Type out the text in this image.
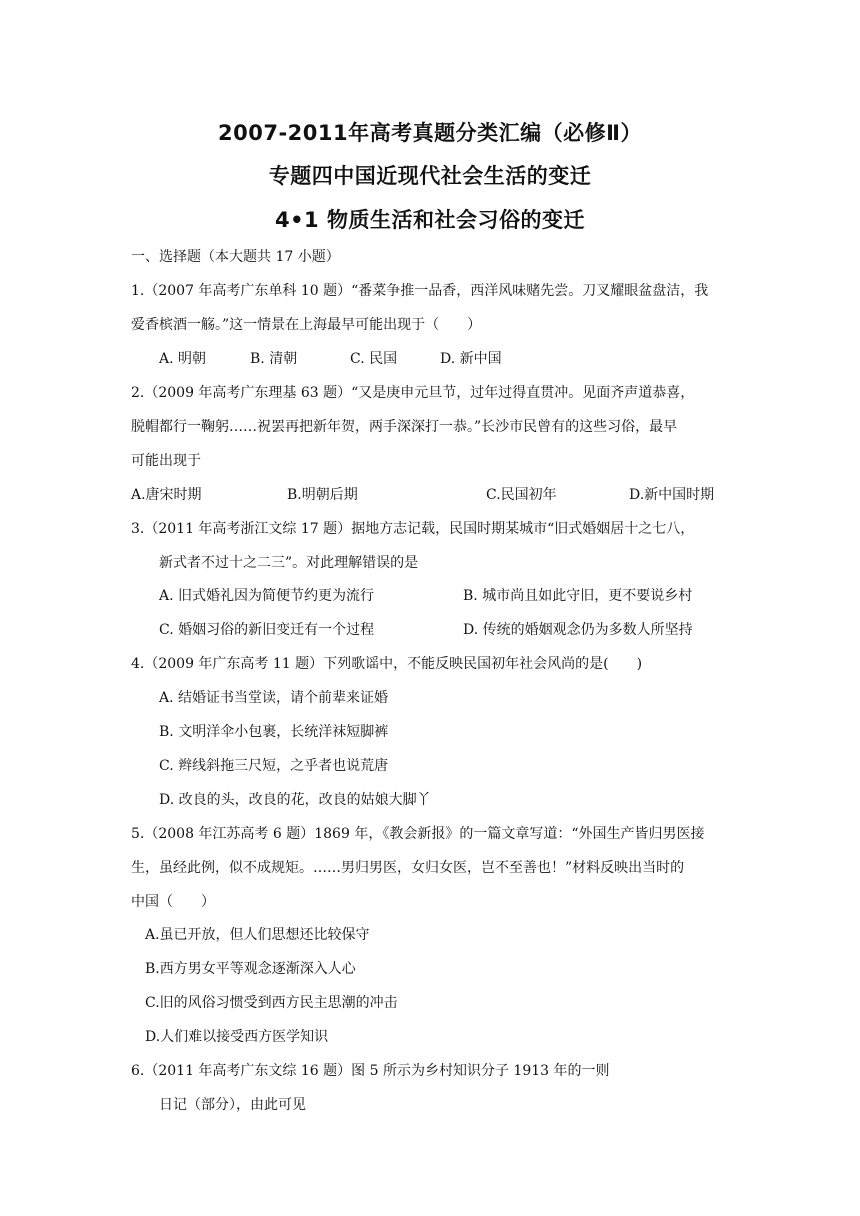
2007-2011年高考真题分类汇编（必修Ⅱ）
专题四中国近现代社会生活的变迁
4•1 物质生活和社会习俗的变迁
一、选择题（本大题共 17 小题）
1.（2007 年高考广东单科 10 题）“番菜争推一品香，西洋风味赌先尝。刀叉耀眼盆盘洁，我
爱香槟酒一觞。”这一情景在上海最早可能出现于（　　）
A. 明朝	B. 清朝	C. 民国	D. 新中国
2.（2009 年高考广东理基 63 题）“又是庚申元旦节，过年过得直贯冲。见面齐声道恭喜，
脱帽都行一鞠躬……祝罢再把新年贺，两手深深打一恭。”长沙市民曾有的这些习俗，最早
可能出现于
A.唐宋时期	B.明朝后期	C.民国初年	D.新中国时期
3.（2011 年高考浙江文综 17 题）据地方志记载，民国时期某城市“旧式婚姻居十之七八，
新式者不过十之二三”。对此理解错误的是
A. 旧式婚礼因为简便节约更为流行	B. 城市尚且如此守旧，更不要说乡村
C. 婚姻习俗的新旧变迁有一个过程	D. 传统的婚姻观念仍为多数人所坚持
4.（2009 年广东高考 11 题）下列歌谣中，不能反映民国初年社会风尚的是(　　)
A. 结婚证书当堂读，请个前辈来证婚
B. 文明洋伞小包裹，长统洋袜短脚裤
C. 辫线斜拖三尺短，之乎者也说荒唐
D. 改良的头，改良的花，改良的姑娘大脚丫
5.（2008 年江苏高考 6 题）1869 年，《教会新报》的一篇文章写道：“外国生产皆归男医接
生，虽经此例，似不成规矩。……男归男医，女归女医，岂不至善也！”材料反映出当时的
中国（　　）
A.虽已开放，但人们思想还比较保守
B.西方男女平等观念逐渐深入人心
C.旧的风俗习惯受到西方民主思潮的冲击
D.人们难以接受西方医学知识
6.（2011 年高考广东文综 16 题）图 5 所示为乡村知识分子 1913 年的一则
日记（部分），由此可见
